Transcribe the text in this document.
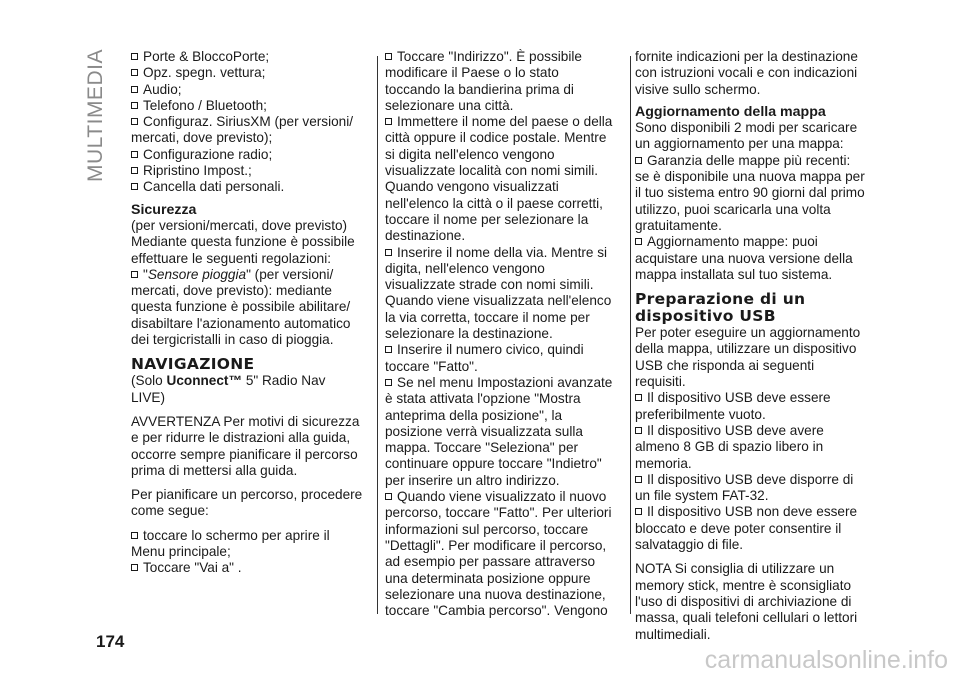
MULTIMEDIA	Porte & BloccoPorte;

Opz. spegn. vettura;

Audio;

Telefono / Bluetooth;

Configuraz. SiriusXM (per versioni/ mercati, dove previsto);

Configurazione radio;

Ripristino Impost.;

Cancella dati personali.

Sicurezza

(per versioni/mercati, dove previsto) Mediante questa funzione è possibile effettuare le seguenti regolazioni:

"Sensore pioggia" (per versioni/ mercati, dove previsto): mediante questa funzione è possibile abilitare/ disabiltare l'azionamento automatico dei tergicristalli in caso di pioggia.

NAVIGAZIONE

(Solo Uconnect™ 5" Radio Nav LIVE)

AVVERTENZA Per motivi di sicurezza e per ridurre le distrazioni alla guida, occorre sempre pianificare il percorso prima di mettersi alla guida.

Per pianificare un percorso, procedere come segue:

toccare lo schermo per aprire il Menu principale;

Toccare "Vai a" .

Toccare "Indirizzo". È possibile modificare il Paese o lo stato toccando la bandierina prima di selezionare una città.

Immettere il nome del paese o della città oppure il codice postale. Mentre si digita nell'elenco vengono visualizzate località con nomi simili.

Quando vengono visualizzati nell'elenco la città o il paese corretti, toccare il nome per selezionare la destinazione.

Inserire il nome della via. Mentre si digita, nell'elenco vengono visualizzate strade con nomi simili.

Quando viene visualizzata nell'elenco la via corretta, toccare il nome per selezionare la destinazione.

Inserire il numero civico, quindi toccare "Fatto".

Se nel menu Impostazioni avanzate è stata attivata l'opzione "Mostra anteprima della posizione", la posizione verrà visualizzata sulla mappa. Toccare "Seleziona" per continuare oppure toccare "Indietro" per inserire un altro indirizzo.

Quando viene visualizzato il nuovo percorso, toccare "Fatto". Per ulteriori informazioni sul percorso, toccare "Dettagli". Per modificare il percorso, ad esempio per passare attraverso una determinata posizione oppure selezionare una nuova destinazione, toccare "Cambia percorso". Vengono

fornite indicazioni per la destinazione con istruzioni vocali e con indicazioni visive sullo schermo.

Aggiornamento della mappa

Sono disponibili 2 modi per scaricare un aggiornamento per una mappa:

Garanzia delle mappe più recenti: se è disponibile una nuova mappa per il tuo sistema entro 90 giorni dal primo utilizzo, puoi scaricarla una volta gratuitamente.

Aggiornamento mappe: puoi acquistare una nuova versione della mappa installata sul tuo sistema.

Preparazione di un dispositivo USB

Per poter eseguire un aggiornamento della mappa, utilizzare un dispositivo USB che risponda ai seguenti requisiti.

Il dispositivo USB deve essere preferibilmente vuoto.

Il dispositivo USB deve avere almeno 8 GB di spazio libero in memoria.

Il dispositivo USB deve disporre di un file system FAT-32.

Il dispositivo USB non deve essere bloccato e deve poter consentire il salvataggio di file.

NOTA Si consiglia di utilizzare un memory stick, mentre è sconsigliato l'uso di dispositivi di archiviazione di massa, quali telefoni cellulari o lettori multimediali.

174
carmanualsonline.info
